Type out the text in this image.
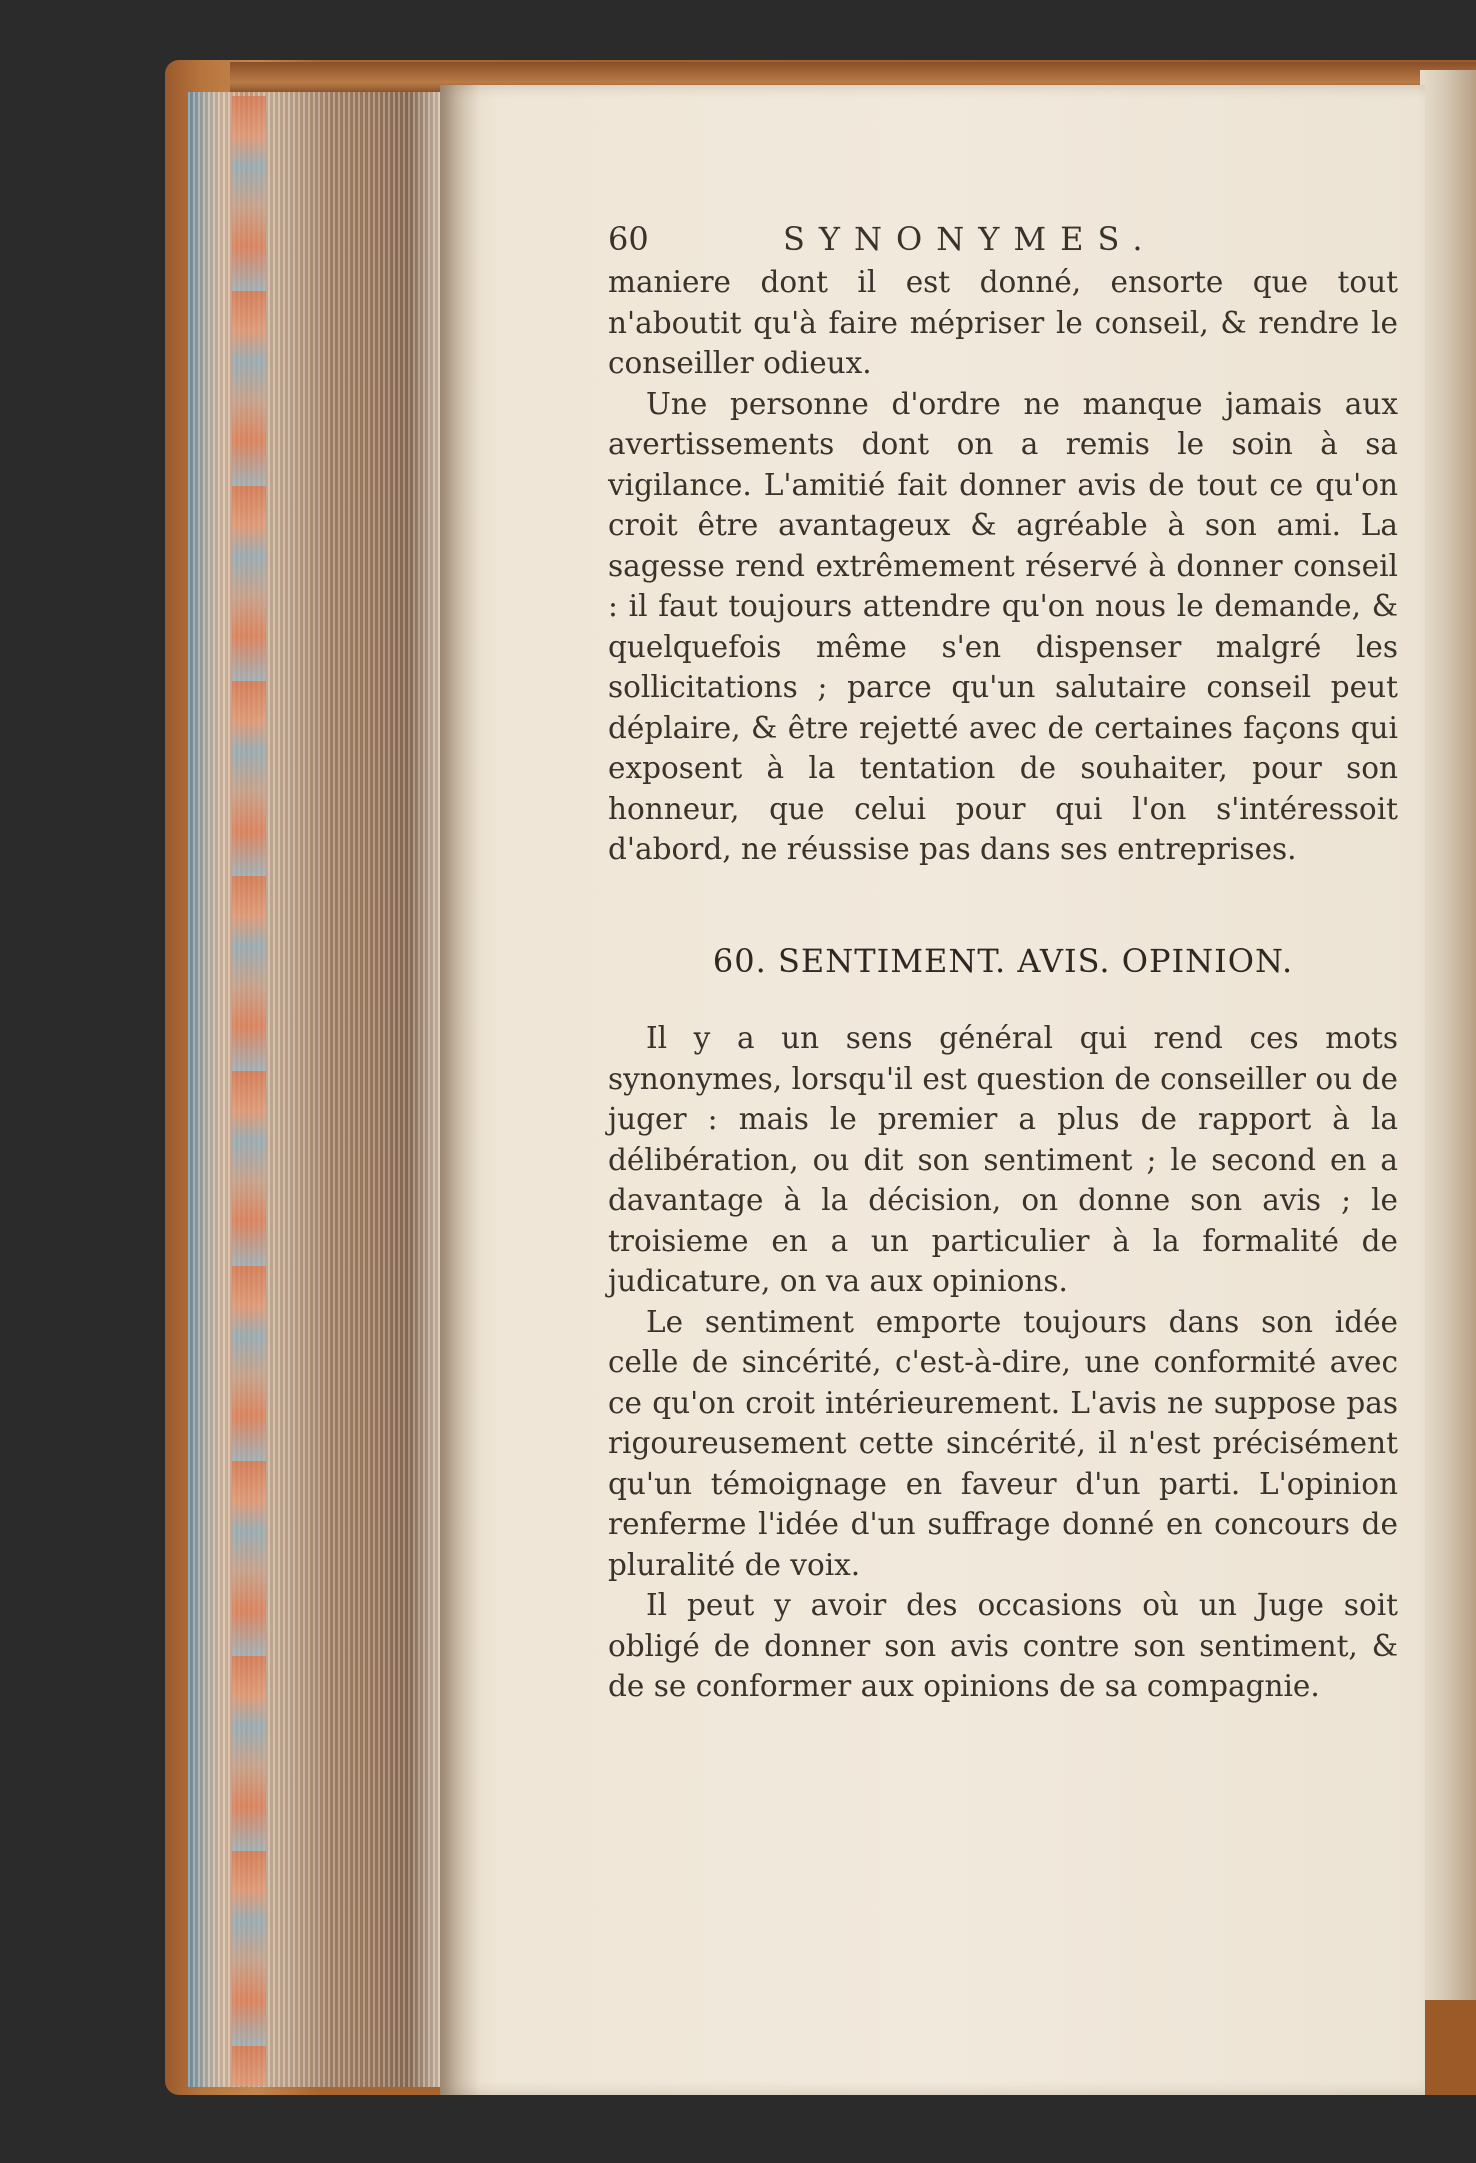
60	SYNONYMES.

maniere dont il est donné, ensorte que tout n'aboutit qu'à faire mépriser le conseil, & rendre le conseiller odieux.

Une personne d'ordre ne manque jamais aux avertissements dont on a remis le soin à sa vigilance. L'amitié fait donner avis de tout ce qu'on croit être avantageux & agréable à son ami. La sagesse rend extrêmement réservé à donner conseil : il faut toujours attendre qu'on nous le demande, & quelquefois même s'en dispenser malgré les sollicitations ; parce qu'un salutaire conseil peut déplaire, & être rejetté avec de certaines façons qui exposent à la tentation de souhaiter, pour son honneur, que celui pour qui l'on s'intéressoit d'abord, ne réussise pas dans ses entreprises.

60. SENTIMENT. AVIS. OPINION.

Il y a un sens général qui rend ces mots synonymes, lorsqu'il est question de conseiller ou de juger : mais le premier a plus de rapport à la délibération, ou dit son sentiment ; le second en a davantage à la décision, on donne son avis ; le troisieme en a un particulier à la formalité de judicature, on va aux opinions.

Le sentiment emporte toujours dans son idée celle de sincérité, c'est-à-dire, une conformité avec ce qu'on croit intérieurement. L'avis ne suppose pas rigoureusement cette sincérité, il n'est précisément qu'un témoignage en faveur d'un parti. L'opinion renferme l'idée d'un suffrage donné en concours de pluralité de voix.

Il peut y avoir des occasions où un Juge soit obligé de donner son avis contre son sentiment, & de se conformer aux opinions de sa compagnie.
